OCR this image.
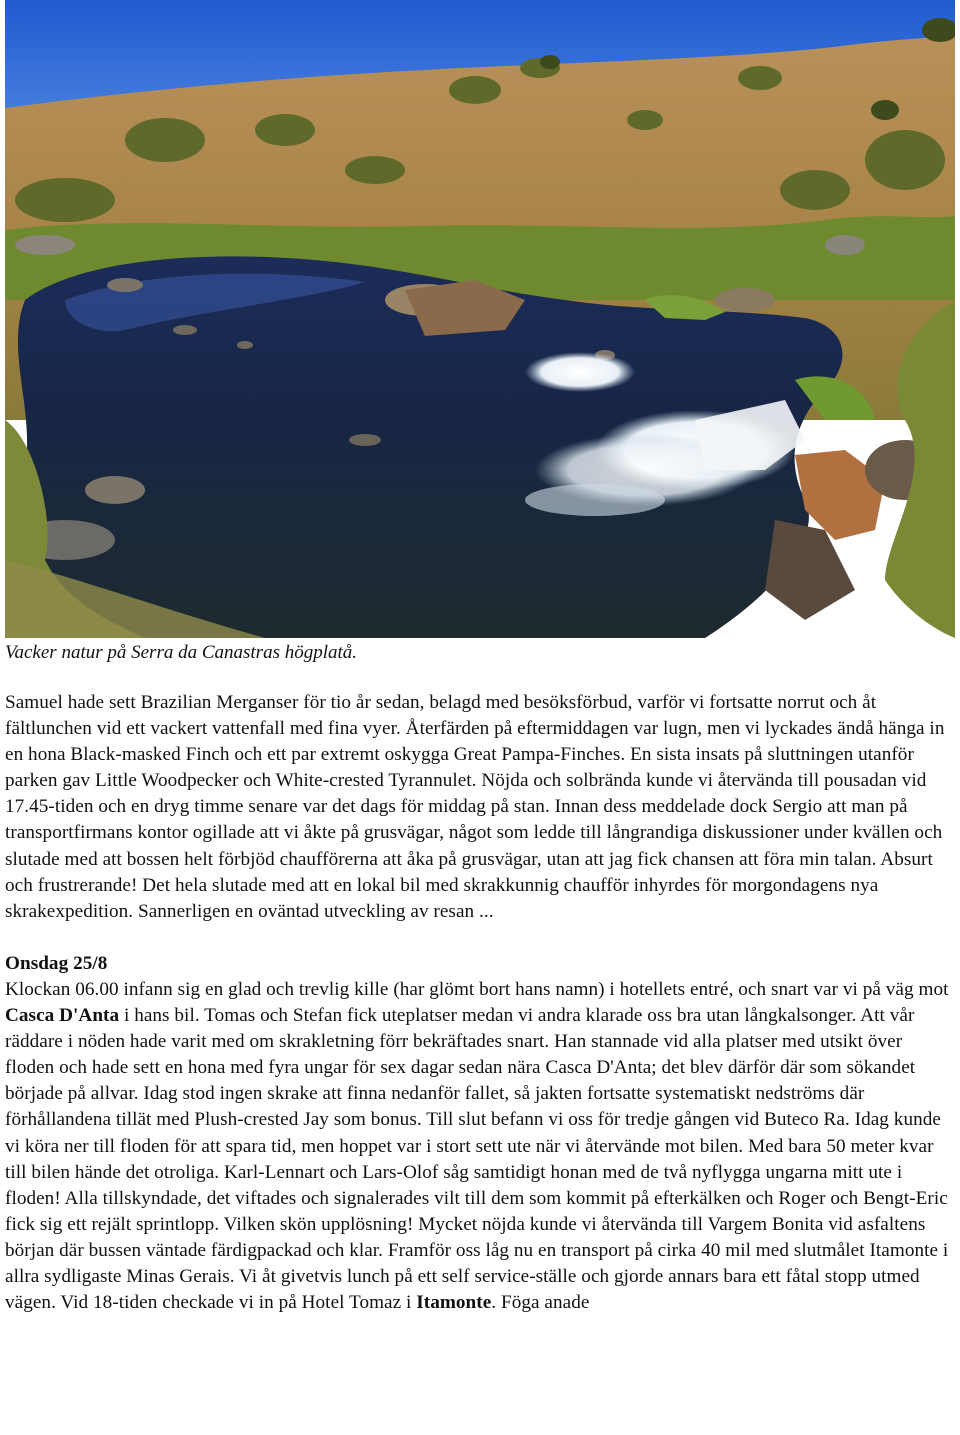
Vacker natur på Serra da Canastras högplatå.

Samuel hade sett Brazilian Merganser för tio år sedan, belagd med besöksförbud, varför vi fortsatte norrut och åt fältlunchen vid ett vackert vattenfall med fina vyer. Återfärden på eftermiddagen var lugn, men vi lyckades ändå hänga in en hona Black-masked Finch och ett par extremt oskygga Great Pampa-Finches. En sista insats på sluttningen utanför parken gav Little Woodpecker och White-crested Tyrannulet. Nöjda och solbrända kunde vi återvända till pousadan vid 17.45-tiden och en dryg timme senare var det dags för middag på stan. Innan dess meddelade dock Sergio att man på transportfirmans kontor ogillade att vi åkte på grusvägar, något som ledde till långrandiga diskussioner under kvällen och slutade med att bossen helt förbjöd chaufförerna att åka på grusvägar, utan att jag fick chansen att föra min talan. Absurt och frustrerande! Det hela slutade med att en lokal bil med skrakkunnig chaufför inhyrdes för morgondagens nya skrakexpedition. Sannerligen en oväntad utveckling av resan ...

Onsdag 25/8

Klockan 06.00 infann sig en glad och trevlig kille (har glömt bort hans namn) i hotellets entré, och snart var vi på väg mot Casca D'Anta i hans bil. Tomas och Stefan fick uteplatser medan vi andra klarade oss bra utan långkalsonger. Att vår räddare i nöden hade varit med om skrakletning förr bekräftades snart. Han stannade vid alla platser med utsikt över floden och hade sett en hona med fyra ungar för sex dagar sedan nära Casca D'Anta; det blev därför där som sökandet började på allvar. Idag stod ingen skrake att finna nedanför fallet, så jakten fortsatte systematiskt nedströms där förhållandena tillät med Plush-crested Jay som bonus. Till slut befann vi oss för tredje gången vid Buteco Ra. Idag kunde vi köra ner till floden för att spara tid, men hoppet var i stort sett ute när vi återvände mot bilen. Med bara 50 meter kvar till bilen hände det otroliga. Karl-Lennart och Lars-Olof såg samtidigt honan med de två nyflygga ungarna mitt ute i floden! Alla tillskyndade, det viftades och signalerades vilt till dem som kommit på efterkälken och Roger och Bengt-Eric fick sig ett rejält sprintlopp. Vilken skön upplösning! Mycket nöjda kunde vi återvända till Vargem Bonita vid asfaltens början där bussen väntade färdigpackad och klar. Framför oss låg nu en transport på cirka 40 mil med slutmålet Itamonte i allra sydligaste Minas Gerais. Vi åt givetvis lunch på ett self service-ställe och gjorde annars bara ett fåtal stopp utmed vägen. Vid 18-tiden checkade vi in på Hotel Tomaz i Itamonte. Föga anade
